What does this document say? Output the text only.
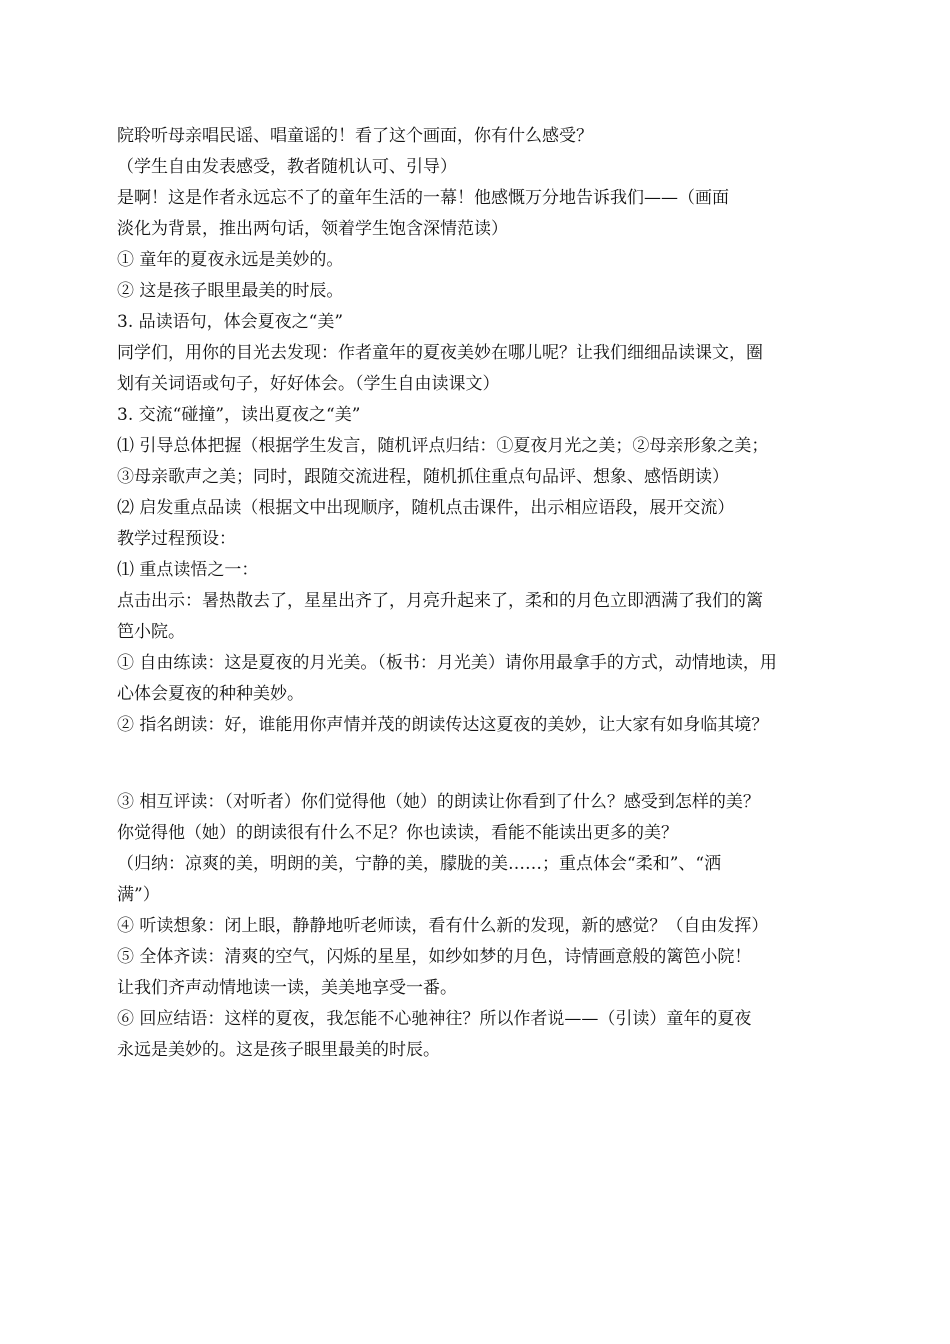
院聆听母亲唱民谣、唱童谣的！看了这个画面，你有什么感受？
（学生自由发表感受，教者随机认可、引导）
是啊！这是作者永远忘不了的童年生活的一幕！他感慨万分地告诉我们——（画面
淡化为背景，推出两句话，领着学生饱含深情范读）
① 童年的夏夜永远是美妙的。
② 这是孩子眼里最美的时辰。
3. 品读语句，体会夏夜之“美”
同学们，用你的目光去发现：作者童年的夏夜美妙在哪儿呢？让我们细细品读课文，圈
划有关词语或句子，好好体会。（学生自由读课文）
3. 交流“碰撞”，读出夏夜之“美”
⑴ 引导总体把握（根据学生发言，随机评点归结：①夏夜月光之美；②母亲形象之美；
③母亲歌声之美；同时，跟随交流进程，随机抓住重点句品评、想象、感悟朗读）
⑵ 启发重点品读（根据文中出现顺序，随机点击课件，出示相应语段，展开交流）
教学过程预设：
⑴ 重点读悟之一：
点击出示：暑热散去了，星星出齐了，月亮升起来了，柔和的月色立即洒满了我们的篱
笆小院。
① 自由练读：这是夏夜的月光美。（板书：月光美）请你用最拿手的方式，动情地读，用
心体会夏夜的种种美妙。
② 指名朗读：好，谁能用你声情并茂的朗读传达这夏夜的美妙，让大家有如身临其境？
③ 相互评读：（对听者）你们觉得他（她）的朗读让你看到了什么？感受到怎样的美？
你觉得他（她）的朗读很有什么不足？你也读读，看能不能读出更多的美？
（归纳：凉爽的美，明朗的美，宁静的美，朦胧的美……；重点体会“柔和”、“洒
满”）
④ 听读想象：闭上眼，静静地听老师读，看有什么新的发现，新的感觉？（自由发挥）
⑤ 全体齐读：清爽的空气，闪烁的星星，如纱如梦的月色，诗情画意般的篱笆小院！
让我们齐声动情地读一读，美美地享受一番。
⑥ 回应结语：这样的夏夜，我怎能不心驰神往？所以作者说——（引读）童年的夏夜
永远是美妙的。这是孩子眼里最美的时辰。
